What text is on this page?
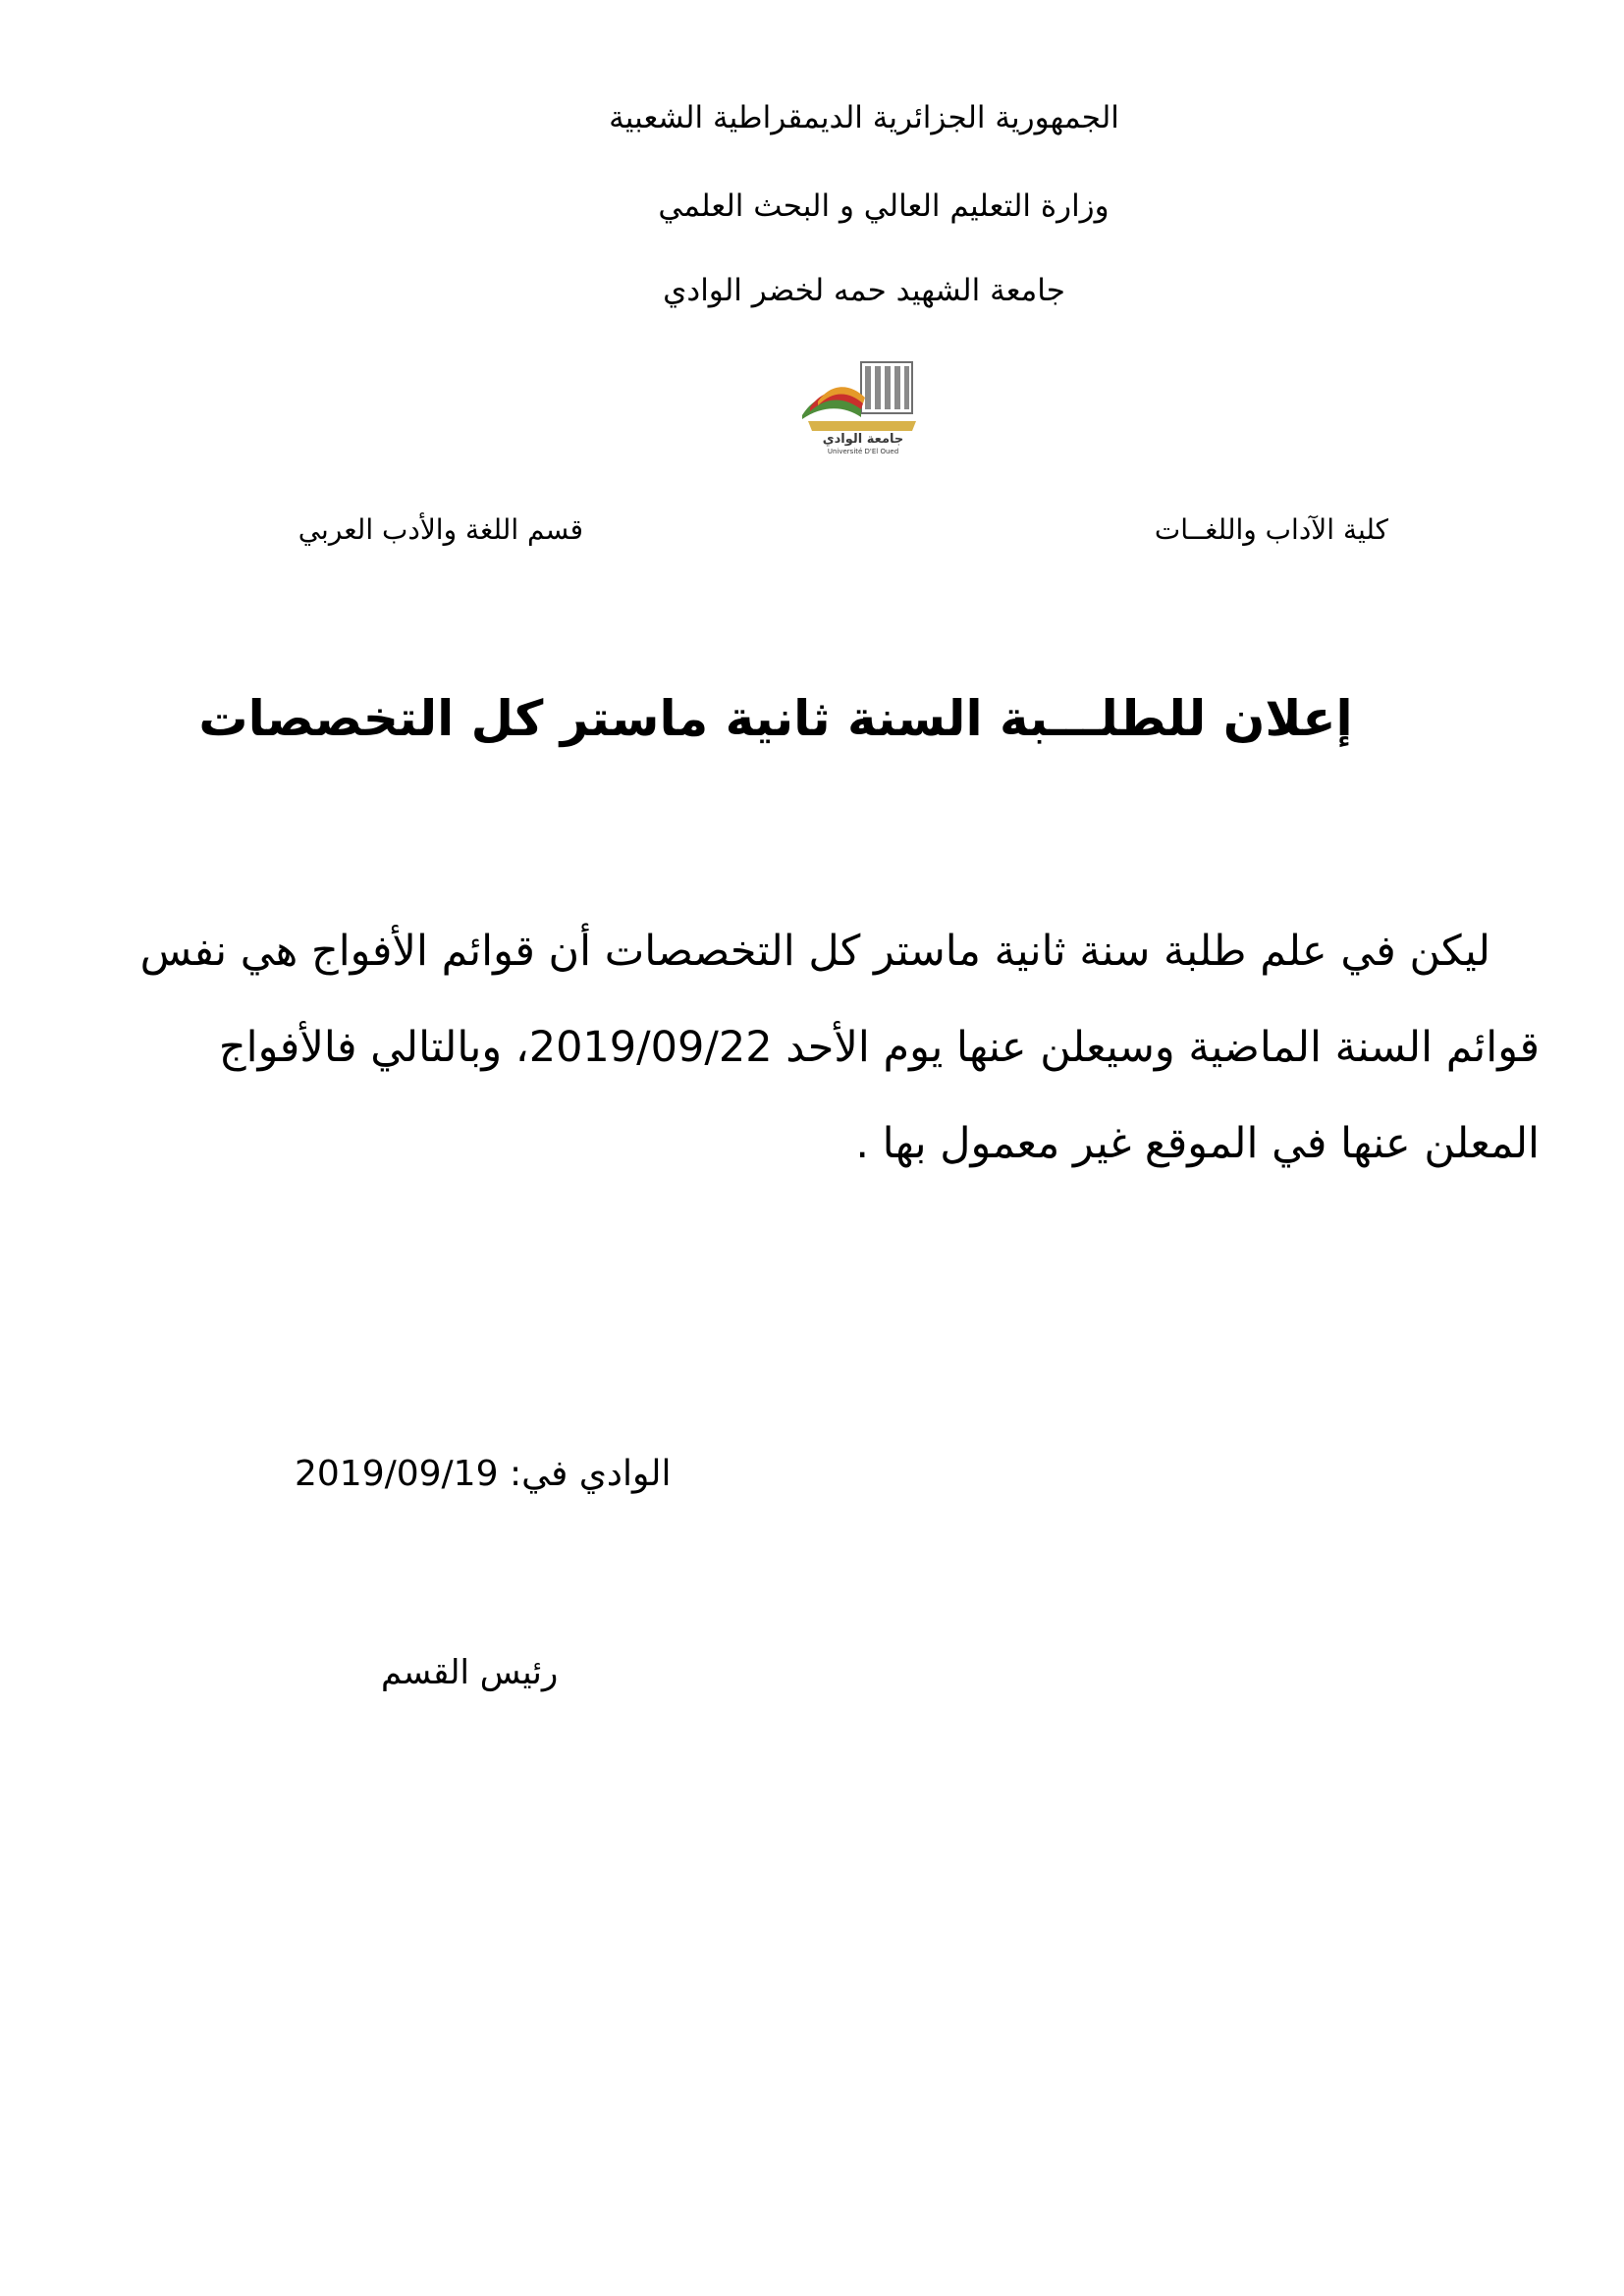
الجمهورية الجزائرية الديمقراطية الشعبية
وزارة التعليم العالي و البحث العلمي
جامعة الشهيد حمه لخضر الوادي
جامعة الوادي
Université D'El Oued
كلية الآداب واللغــات
قسم اللغة والأدب العربي
إعلان للطلـــبة السنة ثانية ماستر كل التخصصات
ليكن في علم طلبة سنة ثانية ماستر كل التخصصات أن قوائم الأفواج هي نفس
قوائم السنة الماضية وسيعلن عنها يوم الأحد 2019/09/22، وبالتالي فالأفواج
المعلن عنها في الموقع غير معمول بها .
الوادي في: 2019/09/19
رئيس القسم
